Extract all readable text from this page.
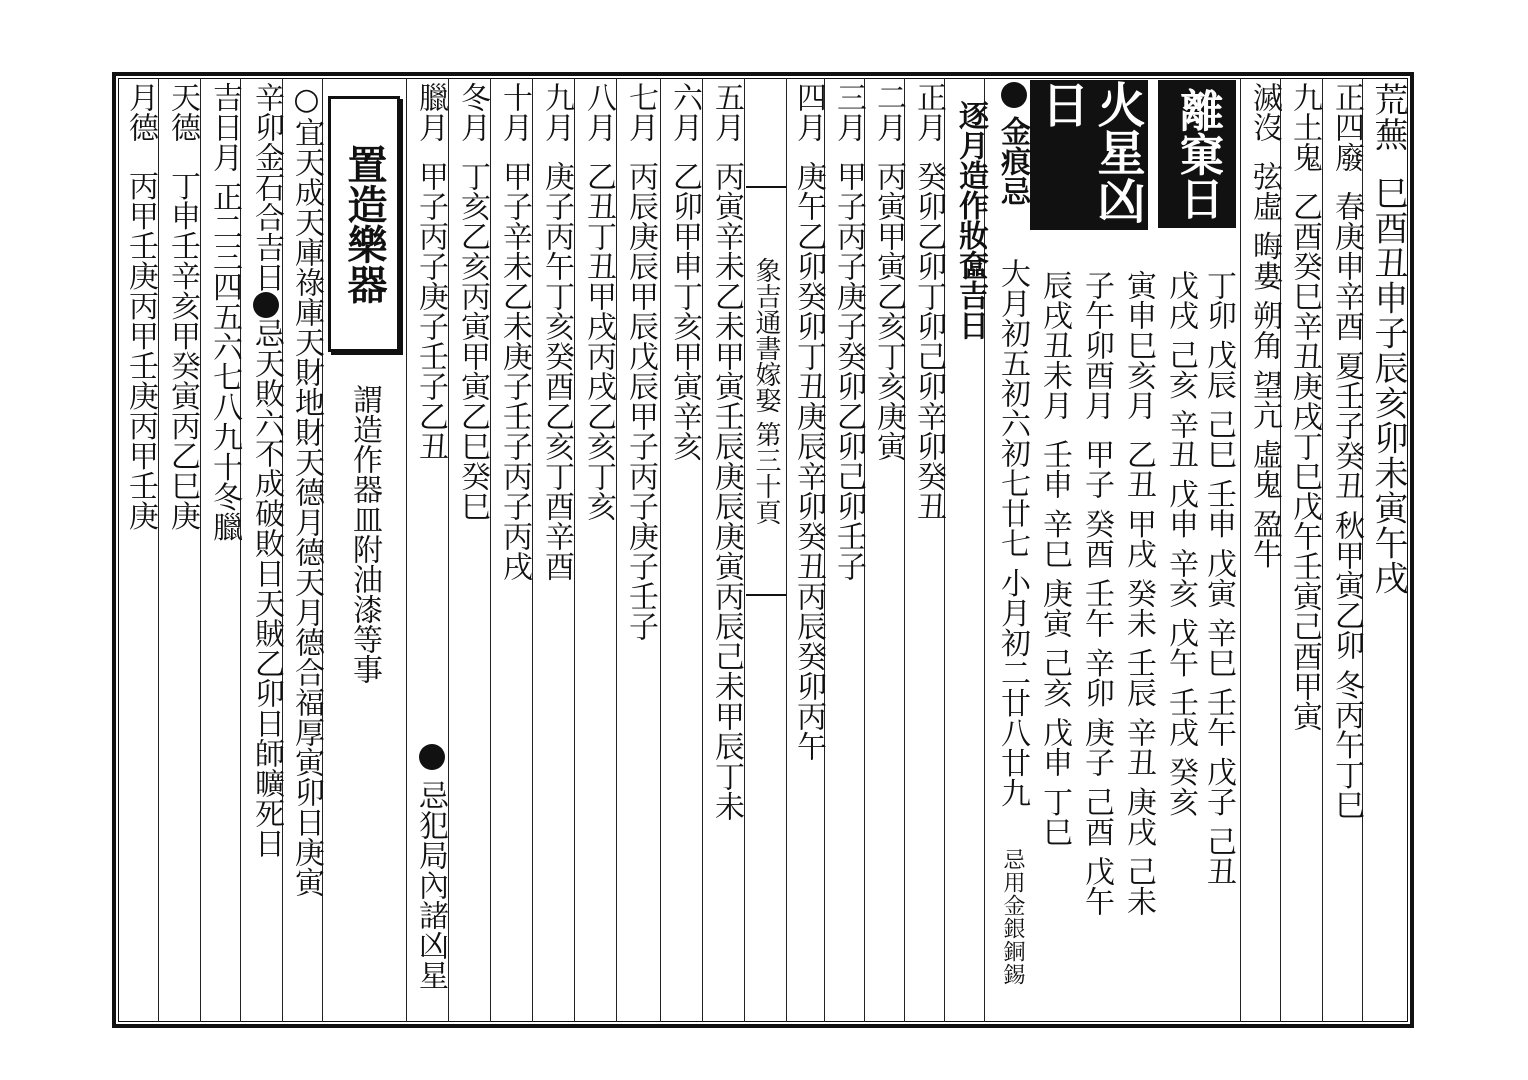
荒蕪  巳酉丑申子辰亥卯未寅午戌
正四廢  春庚申辛酉 夏壬子癸丑 秋甲寅乙卯 冬丙午丁巳
九土鬼  乙酉癸巳辛丑庚戌丁巳戊午壬寅己酉甲寅
滅沒  弦虛 晦婁 朔角 望亢 虛鬼 盈牛
離窠日
丁卯 戊辰 己巳 壬申 戊寅 辛巳 壬午 戊子 己丑
戊戌 己亥 辛丑 戊申 辛亥 戊午 壬戌 癸亥
寅申巳亥月  乙丑 甲戌 癸未 壬辰 辛丑 庚戌 己未
子午卯酉月  甲子 癸酉 壬午 辛卯 庚子 己酉 戊午
辰戌丑未月  壬申 辛巳 庚寅 己亥 戊申 丁巳
火星凶日
金痕忌
大月初五初六初七廿七 小月初二廿八廿九
忌用金銀銅錫
逐月造作妝奩吉日
正月  癸卯乙卯丁卯己卯辛卯癸丑
二月  丙寅甲寅乙亥丁亥庚寅
三月  甲子丙子庚子癸卯乙卯己卯壬子
四月  庚午乙卯癸卯丁丑庚辰辛卯癸丑丙辰癸卯丙午
五月  丙寅辛未乙未甲寅壬辰庚辰庚寅丙辰己未甲辰丁未
六月  乙卯甲申丁亥甲寅辛亥
七月  丙辰庚辰甲辰戊辰甲子丙子庚子壬子
八月  乙丑丁丑甲戌丙戌乙亥丁亥
九月  庚子丙午丁亥癸酉乙亥丁酉辛酉
十月  甲子辛未乙未庚子壬子丙子丙戌
冬月  丁亥乙亥丙寅甲寅乙巳癸巳
臘月  甲子丙子庚子壬子乙丑
忌犯局內諸凶星
象吉通書嫁娶 第三十頁
置造樂器
謂造作器皿附油漆等事
○宜天成天庫祿庫天財地財天德月德天月德合福厚寅卯日庚寅
辛卯金石合吉日忌天敗六不成破敗日天賊乙卯日師曠死日
吉日月 正二三四五六七八九十冬臘
天德   丁申壬辛亥甲癸寅丙乙巳庚
月德   丙甲壬庚丙甲壬庚丙甲壬庚
